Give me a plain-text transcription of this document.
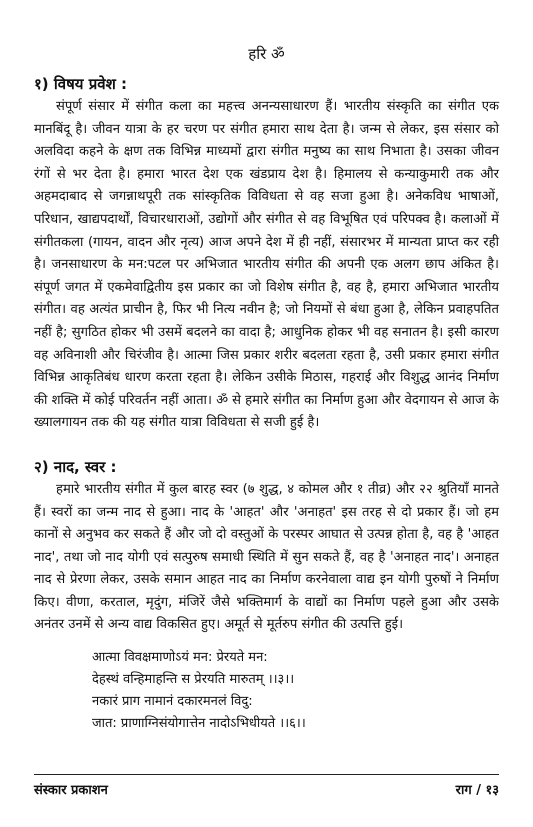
हरि ॐ
१) विषय प्रवेश :

संपूर्ण संसार में संगीत कला का महत्त्व अनन्यसाधारण हैं। भारतीय संस्कृति का संगीत एक मानबिंदू है। जीवन यात्रा के हर चरण पर संगीत हमारा साथ देता है। जन्म से लेकर, इस संसार को अलविदा कहने के क्षण तक विभिन्न माध्यमों द्वारा संगीत मनुष्य का साथ निभाता है। उसका जीवन रंगों से भर देता है। हमारा भारत देश एक खंडप्राय देश है। हिमालय से कन्याकुमारी तक और अहमदाबाद से जगन्नाथपूरी तक सांस्कृतिक विविधता से वह सजा हुआ है। अनेकविध भाषाओं, परिधान, खाद्यपदार्थों, विचारधाराओं, उद्योगों और संगीत से वह विभूषित एवं परिपक्व है। कलाओं में संगीतकला (गायन, वादन और नृत्य) आज अपने देश में ही नहीं, संसारभर में मान्यता प्राप्त कर रही है। जनसाधारण के मन:पटल पर अभिजात भारतीय संगीत की अपनी एक अलग छाप अंकित है। संपूर्ण जगत में एकमेवाद्वितीय इस प्रकार का जो विशेष संगीत है, वह है, हमारा अभिजात भारतीय संगीत। वह अत्यंत प्राचीन है, फिर भी नित्य नवीन है; जो नियमों से बंधा हुआ है, लेकिन प्रवाहपतित नहीं है; सुगठित होकर भी उसमें बदलने का वादा है; आधुनिक होकर भी वह सनातन है। इसी कारण वह अविनाशी और चिरंजीव है। आत्मा जिस प्रकार शरीर बदलता रहता है, उसी प्रकार हमारा संगीत विभिन्न आकृतिबंध धारण करता रहता है। लेकिन उसीके मिठास, गहराई और विशुद्ध आनंद निर्माण की शक्ति में कोई परिवर्तन नहीं आता। ॐ से हमारे संगीत का निर्माण हुआ और वेदगायन से आज के ख्यालगायन तक की यह संगीत यात्रा विविधता से सजी हुई है।

२) नाद, स्वर :

हमारे भारतीय संगीत में कुल बारह स्वर (७ शुद्ध, ४ कोमल और १ तीव्र) और २२ श्रुतियाँ मानते हैं। स्वरों का जन्म नाद से हुआ। नाद के 'आहत' और 'अनाहत' इस तरह से दो प्रकार हैं। जो हम कानों से अनुभव कर सकते हैं और जो दो वस्तुओं के परस्पर आघात से उत्पन्न होता है, वह है 'आहत नाद', तथा जो नाद योगी एवं सत्पुरुष समाधी स्थिति में सुन सकते हैं, वह है 'अनाहत नाद'। अनाहत नाद से प्रेरणा लेकर, उसके समान आहत नाद का निर्माण करनेवाला वाद्य इन योगी पुरुषों ने निर्माण किए। वीणा, करताल, मृदुंग, मंजिरें जैसे भक्तिमार्ग के वाद्यों का निर्माण पहले हुआ और उसके अनंतर उनमें से अन्य वाद्य विकसित हुए। अमूर्त से मूर्तरुप संगीत की उत्पत्ति हुई।

आत्मा विवक्षमाणोऽयं मन: प्रेरयते मन:
देहस्थं वन्हिमाहन्ति स प्रेरयति मारुतम् ।।३।।
नकारं प्राग नामानं दकारमनलं विदु:
जात: प्राणाग्निसंयोगात्तेन नादोऽभिधीयते ।।६।।
संस्कार प्रकाशन	राग / १३
